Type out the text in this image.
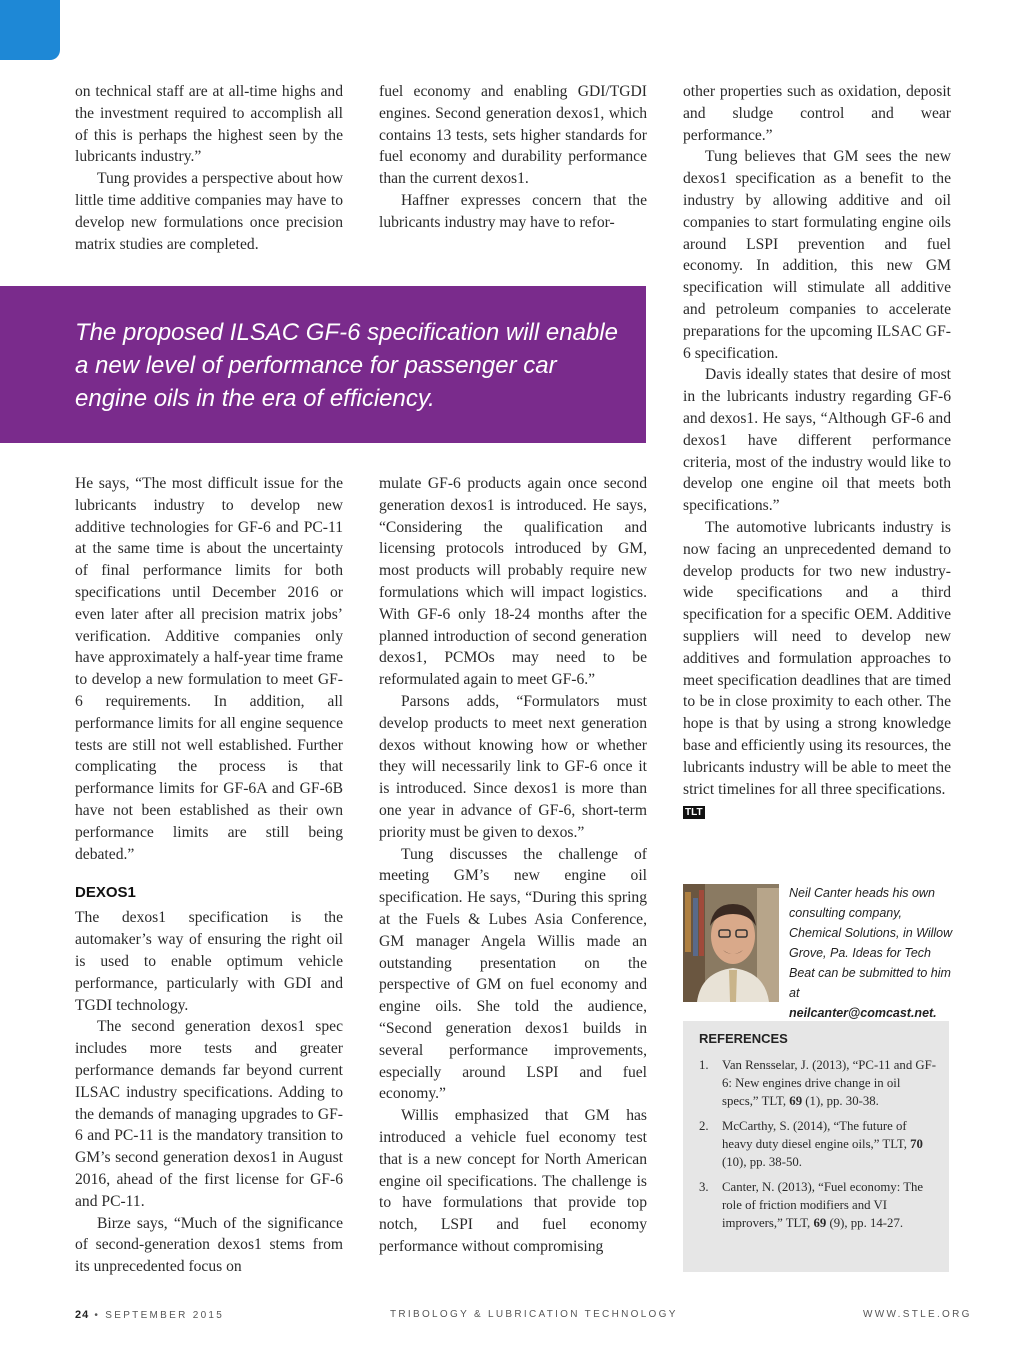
on technical staff are at all-time highs and the investment required to accomplish all of this is perhaps the highest seen by the lubricants industry.”

Tung provides a perspective about how little time additive companies may have to develop new formulations once precision matrix studies are completed.

fuel economy and enabling GDI/TGDI engines. Second generation dexos1, which contains 13 tests, sets higher standards for fuel economy and durability performance than the current dexos1.

Haffner expresses concern that the lubricants industry may have to refor-

The proposed ILSAC GF-6 specification will enable a new level of performance for passenger car engine oils in the era of efficiency.

He says, “The most difficult issue for the lubricants industry to develop new additive technologies for GF-6 and PC-11 at the same time is about the uncertainty of final performance limits for both specifications until December 2016 or even later after all precision matrix jobs’ verification. Additive companies only have approximately a half-year time frame to develop a new formulation to meet GF-6 requirements. In addition, all performance limits for all engine sequence tests are still not well established. Further complicating the process is that performance limits for GF-6A and GF-6B have not been established as their own performance limits are still being debated.”

DEXOS1

The dexos1 specification is the automaker’s way of ensuring the right oil is used to enable optimum vehicle performance, particularly with GDI and TGDI technology.

The second generation dexos1 spec includes more tests and greater performance demands far beyond current ILSAC industry specifications. Adding to the demands of managing upgrades to GF-6 and PC-11 is the mandatory transition to GM’s second generation dexos1 in August 2016, ahead of the first license for GF-6 and PC-11.

Birze says, “Much of the significance of second-generation dexos1 stems from its unprecedented focus on

mulate GF-6 products again once second generation dexos1 is introduced. He says, “Considering the qualification and licensing protocols introduced by GM, most products will probably require new formulations which will impact logistics. With GF-6 only 18-24 months after the planned introduction of second generation dexos1, PCMOs may need to be reformulated again to meet GF-6.”

Parsons adds, “Formulators must develop products to meet next generation dexos without knowing how or whether they will necessarily link to GF-6 once it is introduced. Since dexos1 is more than one year in advance of GF-6, short-term priority must be given to dexos.”

Tung discusses the challenge of meeting GM’s new engine oil specification. He says, “During this spring at the Fuels & Lubes Asia Conference, GM manager Angela Willis made an outstanding presentation on the perspective of GM on fuel economy and engine oils. She told the audience, “Second generation dexos1 builds in several performance improvements, especially around LSPI and fuel economy.”

Willis emphasized that GM has introduced a vehicle fuel economy test that is a new concept for North American engine oil specifications. The challenge is to have formulations that provide top notch, LSPI and fuel economy performance without compromising

other properties such as oxidation, deposit and sludge control and wear performance.”

Tung believes that GM sees the new dexos1 specification as a benefit to the industry by allowing additive and oil companies to start formulating engine oils around LSPI prevention and fuel economy. In addition, this new GM specification will stimulate all additive and petroleum companies to accelerate preparations for the upcoming ILSAC GF-6 specification.

Davis ideally states that desire of most in the lubricants industry regarding GF-6 and dexos1. He says, “Although GF-6 and dexos1 have different performance criteria, most of the industry would like to develop one engine oil that meets both specifications.”

The automotive lubricants industry is now facing an unprecedented demand to develop products for two new industry-wide specifications and a third specification for a specific OEM. Additive suppliers will need to develop new additives and formulation approaches to meet specification deadlines that are timed to be in close proximity to each other. The hope is that by using a strong knowledge base and efficiently using its resources, the lubricants industry will be able to meet the strict timelines for all three specifications.

TLT
Neil Canter heads his own consulting company, Chemical Solutions, in Willow Grove, Pa. Ideas for Tech Beat can be submitted to him at
neilcanter@comcast.net.
REFERENCES
1. Van Rensselar, J. (2013), “PC-11 and GF-6: New engines drive change in oil specs,” TLT, 69 (1), pp. 30-38.
2. McCarthy, S. (2014), “The future of heavy duty diesel engine oils,” TLT, 70 (10), pp. 38-50.
3. Canter, N. (2013), “Fuel economy: The role of friction modifiers and VI improvers,” TLT, 69 (9), pp. 14-27.
24 • SEPTEMBER 2015	TRIBOLOGY & LUBRICATION TECHNOLOGY	WWW.STLE.ORG
